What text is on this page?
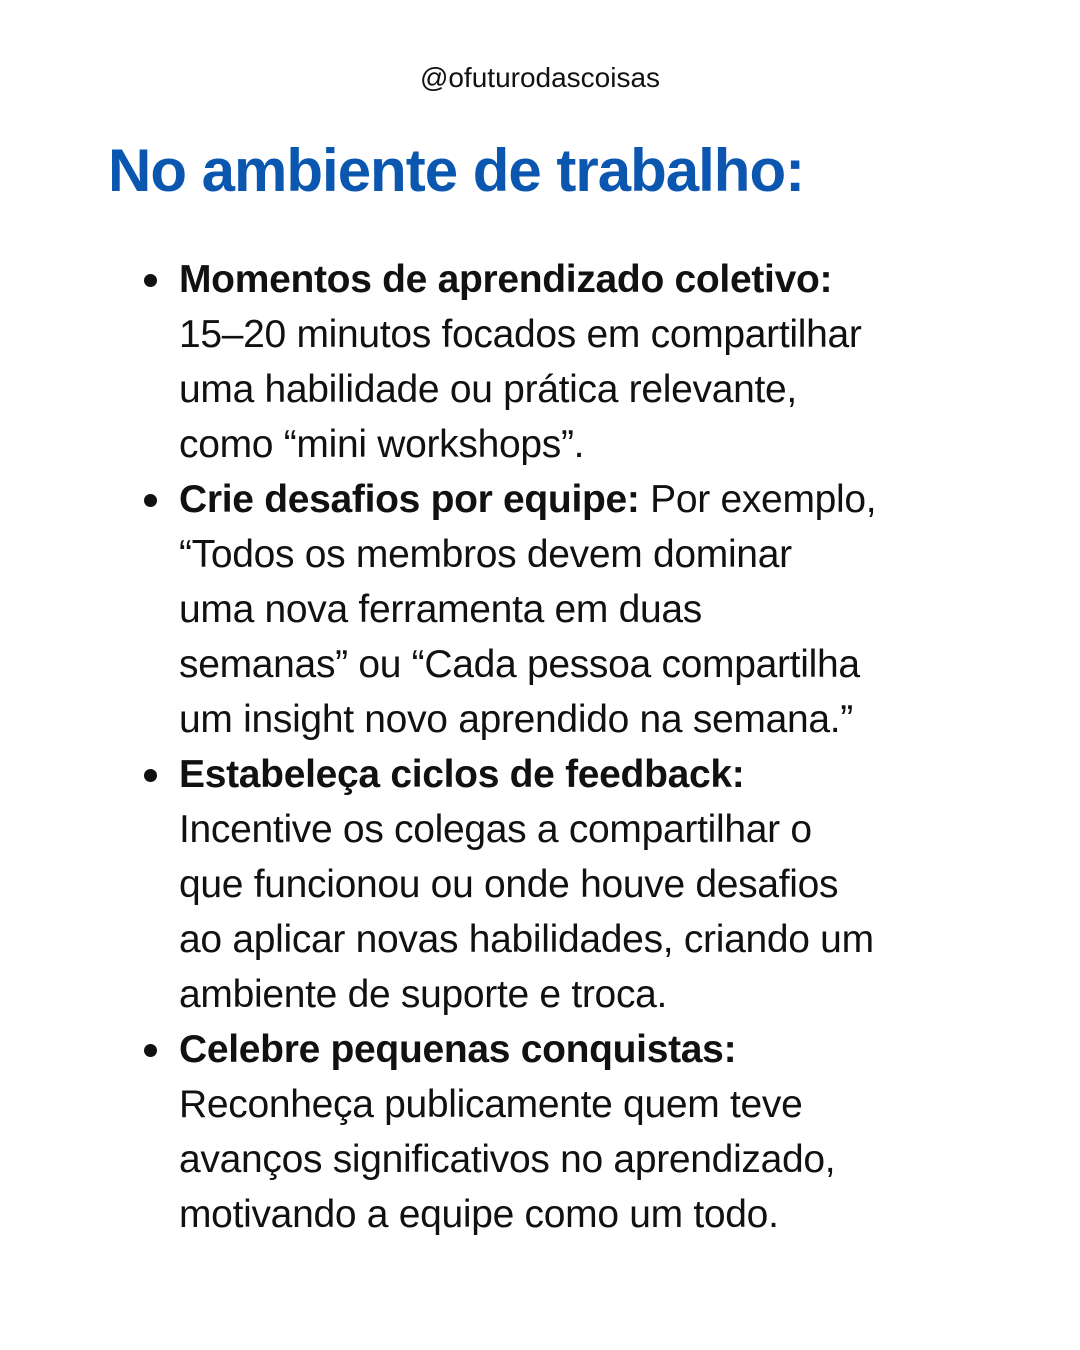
@ofuturodascoisas
No ambiente de trabalho:
Momentos de aprendizado coletivo:
15–20 minutos focados em compartilhar
uma habilidade ou prática relevante,
como “mini workshops”.
Crie desafios por equipe: Por exemplo,
“Todos os membros devem dominar
uma nova ferramenta em duas
semanas” ou “Cada pessoa compartilha
um insight novo aprendido na semana.”
Estabeleça ciclos de feedback:
Incentive os colegas a compartilhar o
que funcionou ou onde houve desafios
ao aplicar novas habilidades, criando um
ambiente de suporte e troca.
Celebre pequenas conquistas:
Reconheça publicamente quem teve
avanços significativos no aprendizado,
motivando a equipe como um todo.
